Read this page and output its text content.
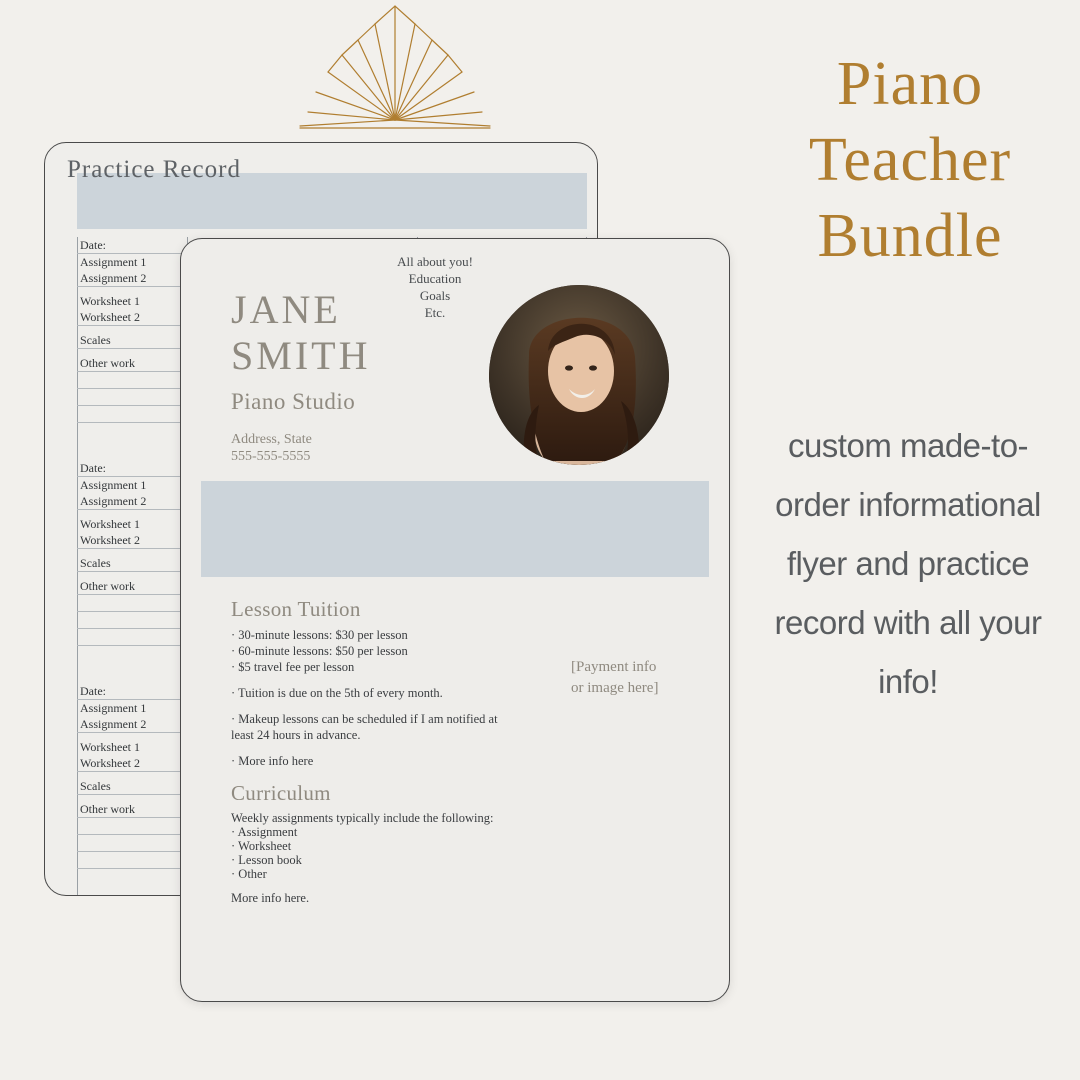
Practice Record
Date:
Assignment 1
Assignment 2
Worksheet 1
Worksheet 2
Scales
Other work
Date:
Assignment 1
Assignment 2
Worksheet 1
Worksheet 2
Scales
Other work
Date:
Assignment 1
Assignment 2
Worksheet 1
Worksheet 2
Scales
Other work
JANE
SMITH
Piano Studio
Address, State
555-555-5555
All about you!
Education
Goals
Etc.
Lesson Tuition
· 30-minute lessons: $30 per lesson
· 60-minute lessons: $50 per lesson
· $5 travel fee per lesson
· Tuition is due on the 5th of every month.
· Makeup lessons can be scheduled if I am notified at
least 24 hours in advance.
· More info here
[Payment info
or image here]
Curriculum
Weekly assignments typically include the following:
· Assignment
· Worksheet
· Lesson book
· Other
More info here.
Piano
Teacher
Bundle
custom made-to-order informational flyer and practice record with all your info!
